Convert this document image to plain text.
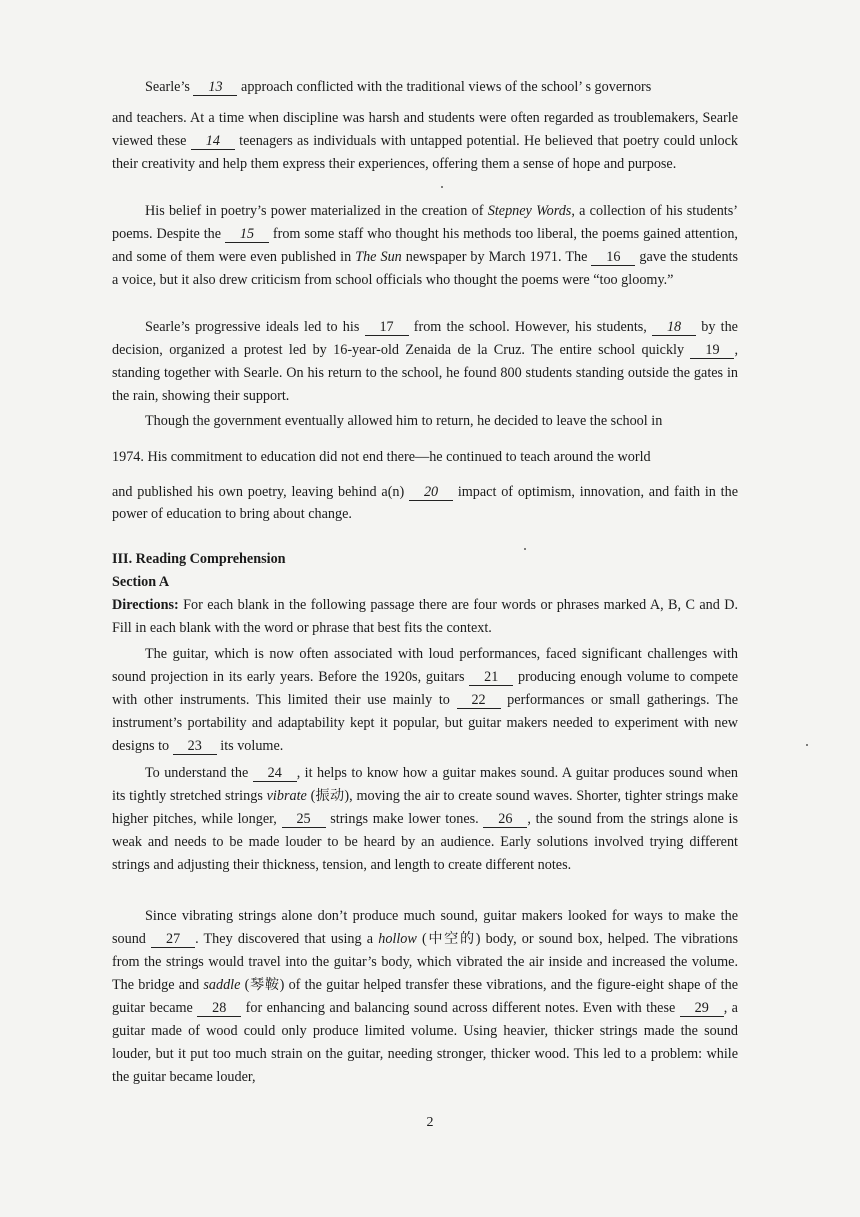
Searle’s 13 approach conflicted with the traditional views of the school’ s governors

and teachers. At a time when discipline was harsh and students were often regarded as troublemakers, Searle viewed these 14 teenagers as individuals with untapped potential. He believed that poetry could unlock their creativity and help them express their experiences, offering them a sense of hope and purpose.

His belief in poetry’s power materialized in the creation of Stepney Words, a collection of his students’ poems. Despite the 15 from some staff who thought his methods too liberal, the poems gained attention, and some of them were even published in The Sun newspaper by March 1971. The 16 gave the students a voice, but it also drew criticism from school officials who thought the poems were “too gloomy.”

Searle’s progressive ideals led to his 17 from the school. However, his students, 18 by the decision, organized a protest led by 16-year-old Zenaida de la Cruz. The entire school quickly 19 , standing together with Searle. On his return to the school, he found 800 students standing outside the gates in the rain, showing their support.

Though the government eventually allowed him to return, he decided to leave the school in

1974. His commitment to education did not end there—he continued to teach around the world

and published his own poetry, leaving behind a(n) 20 impact of optimism, innovation, and faith in the power of education to bring about change.

III. Reading Comprehension

Section A

Directions: For each blank in the following passage there are four words or phrases marked A, B, C and D. Fill in each blank with the word or phrase that best fits the context.

The guitar, which is now often associated with loud performances, faced significant challenges with sound projection in its early years. Before the 1920s, guitars 21 producing enough volume to compete with other instruments. This limited their use mainly to 22 performances or small gatherings. The instrument’s portability and adaptability kept it popular, but guitar makers needed to experiment with new designs to 23 its volume.

To understand the 24 , it helps to know how a guitar makes sound. A guitar produces sound when its tightly stretched strings vibrate (振动), moving the air to create sound waves. Shorter, tighter strings make higher pitches, while longer, 25 strings make lower tones. 26 , the sound from the strings alone is weak and needs to be made louder to be heard by an audience. Early solutions involved trying different strings and adjusting their thickness, tension, and length to create different notes.

Since vibrating strings alone don’t produce much sound, guitar makers looked for ways to make the sound 27 . They discovered that using a hollow (中空的) body, or sound box, helped. The vibrations from the strings would travel into the guitar’s body, which vibrated the air inside and increased the volume. The bridge and saddle (琴鞍) of the guitar helped transfer these vibrations, and the figure-eight shape of the guitar became 28 for enhancing and balancing sound across different notes. Even with these 29 , a guitar made of wood could only produce limited volume. Using heavier, thicker strings made the sound louder, but it put too much strain on the guitar, needing stronger, thicker wood. This led to a problem: while the guitar became louder,

2
